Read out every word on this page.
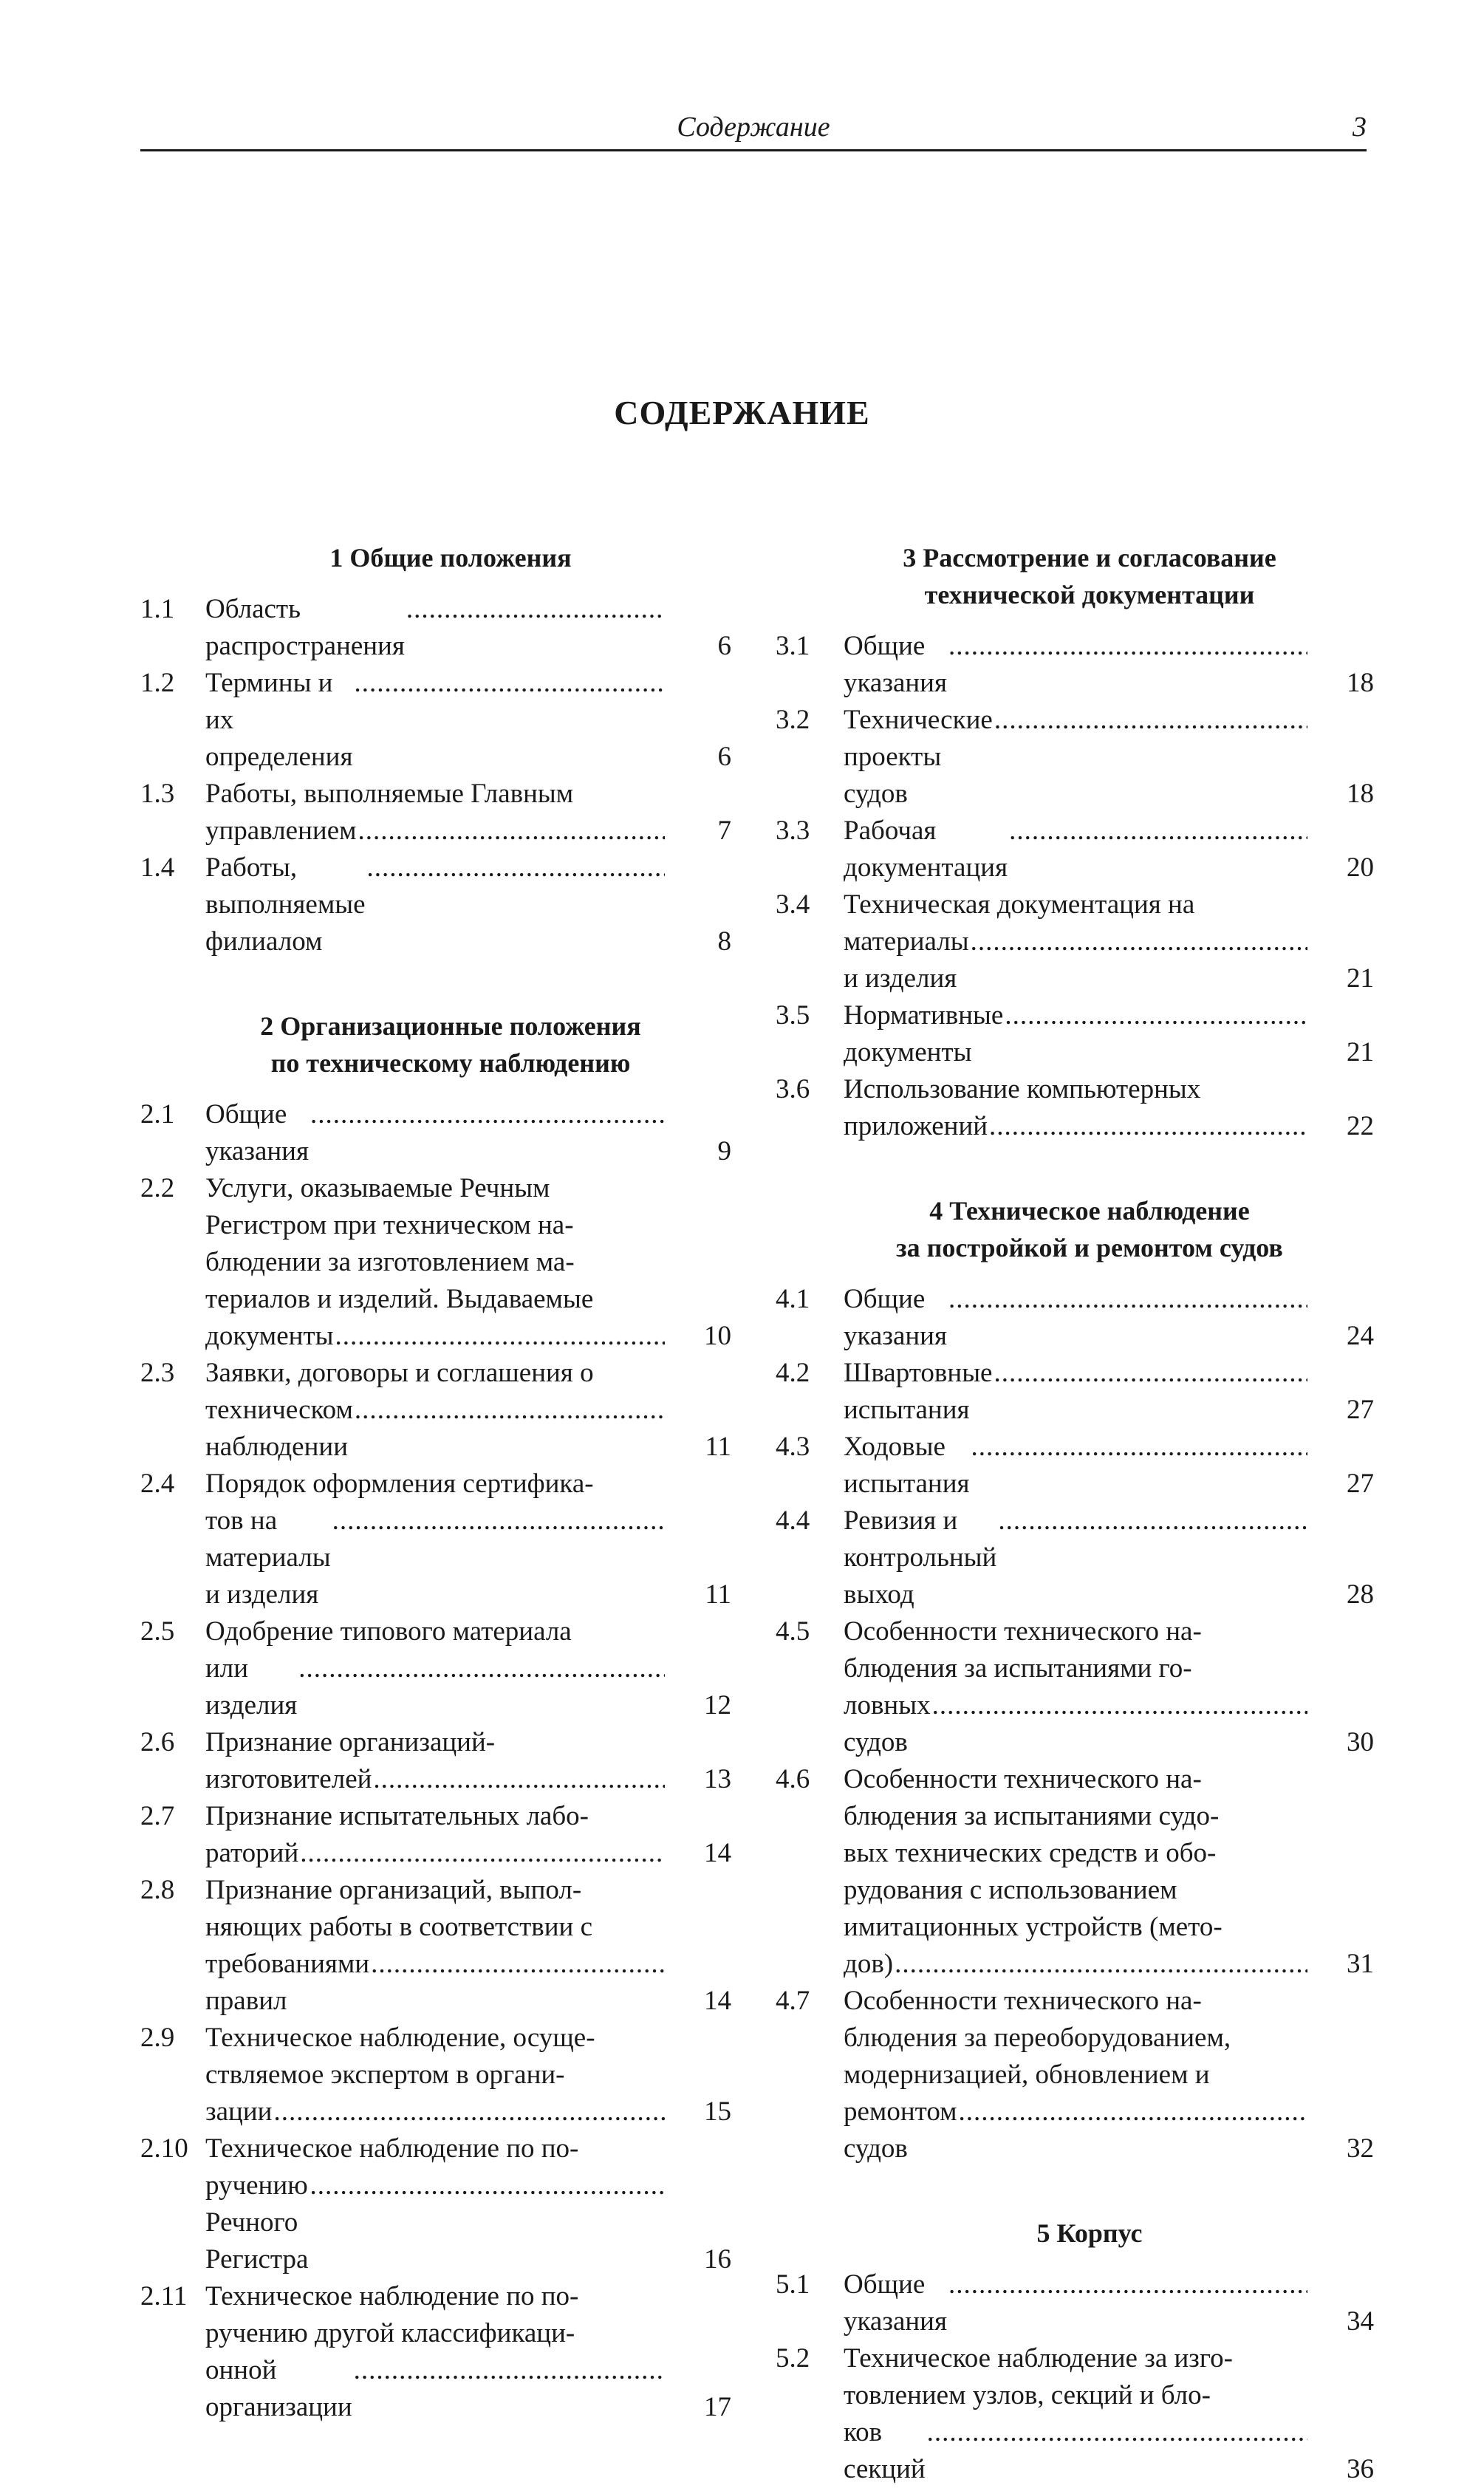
Содержание	3
СОДЕРЖАНИЕ
1 Общие положения
1.1	Область распространения
.....	6
1.2	Термины и их определения
.....	6
1.3	Работы, выполняемые Главным
управлением .....	7
1.4	Работы, выполняемые филиалом
.....	8
2 Организационные положения
по техническому наблюдению
2.1	Общие указания
.....	9
2.2	Услуги, оказываемые Речным
Регистром при техническом на-
блюдении за изготовлением ма-
териалов и изделий. Выдаваемые
документы .....	10
2.3	Заявки, договоры и соглашения о
техническом наблюдении
.....	11
2.4	Порядок оформления сертифика-
тов на материалы и изделия
.....	11
2.5	Одобрение типового материала
или изделия
.....	12
2.6	Признание организаций-
изготовителей .....	13
2.7	Признание испытательных лабо-
раторий .....	14
2.8	Признание организаций, выпол-
няющих работы в соответствии с
требованиями правил
.....	14
2.9	Техническое наблюдение, осуще-
ствляемое экспертом в органи-
зации .....	15
2.10 Техническое наблюдение по по-
ручению Речного Регистра
.....	16
2.11 Техническое наблюдение по по-
ручению другой классификаци-
онной организации
.....	17
3 Рассмотрение и согласование
технической документации
3.1	Общие указания
.....	18
3.2	Технические проекты судов
.....	18
3.3	Рабочая документация
.....	20
3.4	Техническая документация на
материалы и изделия
.....	21
3.5	Нормативные документы
.....	21
3.6	Использование компьютерных
приложений .....	22
4 Техническое наблюдение
за постройкой и ремонтом судов
4.1	Общие указания
.....	24
4.2	Швартовные испытания
.....	27
4.3	Ходовые испытания
.....	27
4.4	Ревизия и контрольный выход
.....	28
4.5	Особенности технического на-
блюдения за испытаниями го-
ловных судов
.....	30
4.6	Особенности технического на-
блюдения за испытаниями судо-
вых технических средств и обо-
рудования с использованием
имитационных устройств (мето-
дов) .....	31
4.7	Особенности технического на-
блюдения за переоборудованием,
модернизацией, обновлением и
ремонтом судов
.....	32
5 Корпус
5.1	Общие указания
.....	34
5.2	Техническое наблюдение за изго-
товлением узлов, секций и бло-
ков секций
.....	36
